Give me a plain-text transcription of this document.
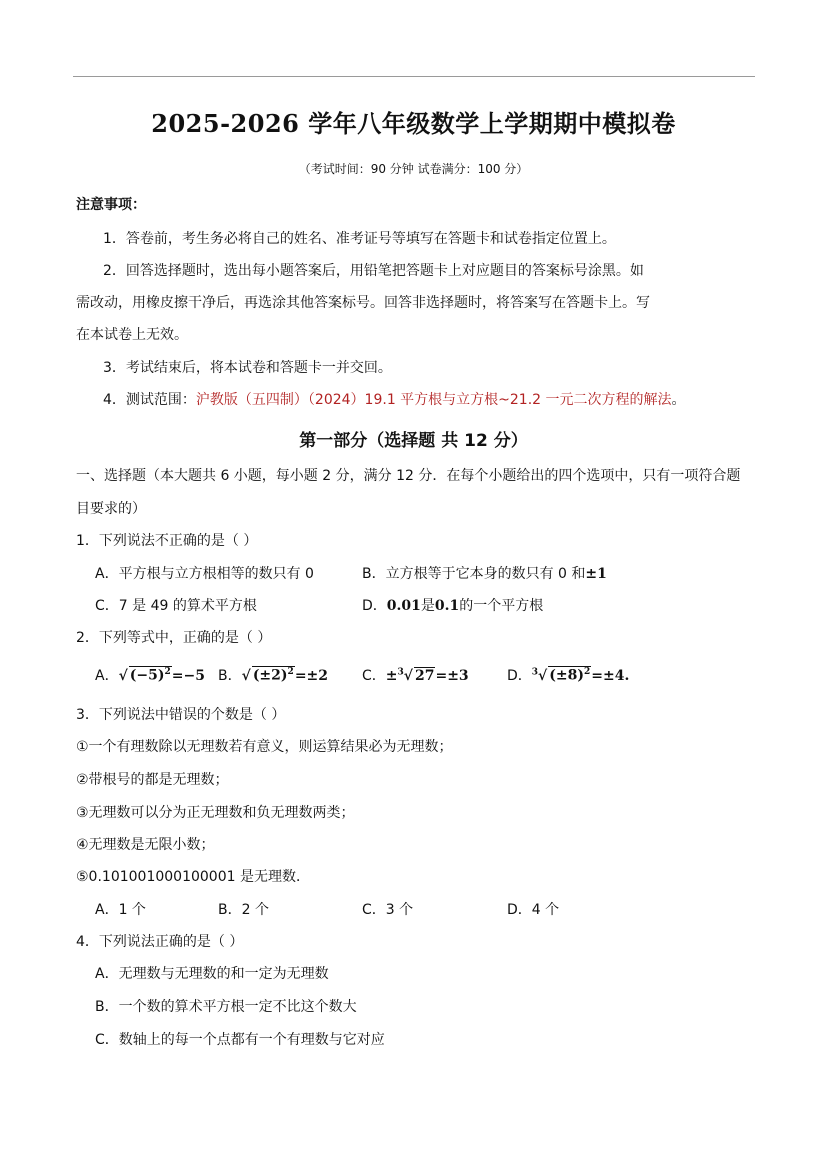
2025-2026 学年八年级数学上学期期中模拟卷
（考试时间：90 分钟 试卷满分：100 分）
注意事项：
1．答卷前，考生务必将自己的姓名、准考证号等填写在答题卡和试卷指定位置上。
2．回答选择题时，选出每小题答案后，用铅笔把答题卡上对应题目的答案标号涂黑。如
需改动，用橡皮擦干净后，再选涂其他答案标号。回答非选择题时，将答案写在答题卡上。写
在本试卷上无效。
3．考试结束后，将本试卷和答题卡一并交回。
4．测试范围：沪教版（五四制）（2024）19.1 平方根与立方根~21.2 一元二次方程的解法。
第一部分（选择题 共 12 分）
一、选择题（本大题共 6 小题，每小题 2 分，满分 12 分．在每个小题给出的四个选项中，只有一项符合题
目要求的）
1．下列说法不正确的是（ ）
A．平方根与立方根相等的数只有 0	B．立方根等于它本身的数只有 0 和±1
C．7 是 49 的算术平方根	D．0.01是0.1的一个平方根
2．下列等式中，正确的是（ ）
A．√ $(-5)^2=-5$ B．√ $(\pm 2)^2=\pm 2$ C．±$^3$√ 27=±3	D．$^3$√ $(\pm 8)^2=\pm 4$.
3．下列说法中错误的个数是（ ）
①一个有理数除以无理数若有意义，则运算结果必为无理数；
②带根号的都是无理数；
③无理数可以分为正无理数和负无理数两类；
④无理数是无限小数；
⑤0.101001000100001 是无理数．
A．1 个	B．2 个	C．3 个	D．4 个
4．下列说法正确的是（ ）
A．无理数与无理数的和一定为无理数
B．一个数的算术平方根一定不比这个数大
C．数轴上的每一个点都有一个有理数与它对应
